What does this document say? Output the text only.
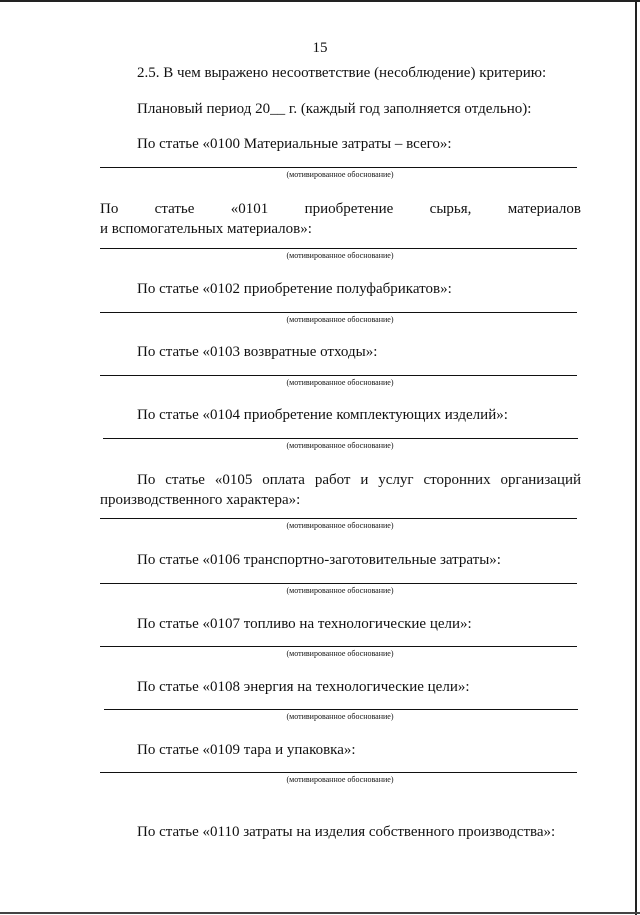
15
2.5. В чем выражено несоответствие (несоблюдение) критерию:
Плановый период 20__ г. (каждый год заполняется отдельно):
По статье «0100 Материальные затраты – всего»:
(мотивированное обоснование)
По статье «0101 приобретение сырья, материалов
и вспомогательных материалов»:
(мотивированное обоснование)
По статье «0102 приобретение полуфабрикатов»:
(мотивированное обоснование)
По статье «0103 возвратные отходы»:
(мотивированное обоснование)
По статье «0104 приобретение комплектующих изделий»:
(мотивированное обоснование)
По статье «0105 оплата работ и услуг сторонних организаций
производственного характера»:
(мотивированное обоснование)
По статье «0106 транспортно-заготовительные затраты»:
(мотивированное обоснование)
По статье «0107 топливо на технологические цели»:
(мотивированное обоснование)
По статье «0108 энергия на технологические цели»:
(мотивированное обоснование)
По статье «0109 тара и упаковка»:
(мотивированное обоснование)
По статье «0110 затраты на изделия собственного производства»:
